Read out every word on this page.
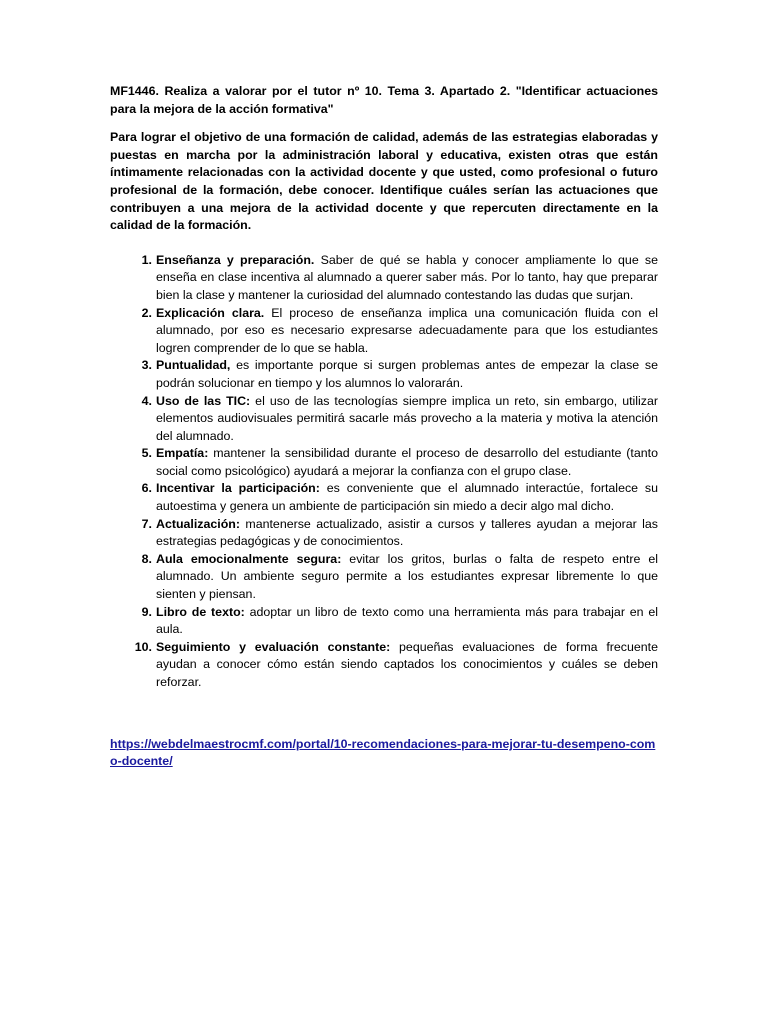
MF1446. Realiza a valorar por el tutor nº 10. Tema 3. Apartado 2. "Identificar actuaciones para la mejora de la acción formativa"

Para lograr el objetivo de una formación de calidad, además de las estrategias elaboradas y puestas en marcha por la administración laboral y educativa, existen otras que están íntimamente relacionadas con la actividad docente y que usted, como profesional o futuro profesional de la formación, debe conocer. Identifique cuáles serían las actuaciones que contribuyen a una mejora de la actividad docente y que repercuten directamente en la calidad de la formación.

1. Enseñanza y preparación. Saber de qué se habla y conocer ampliamente lo que se enseña en clase incentiva al alumnado a querer saber más. Por lo tanto, hay que preparar bien la clase y mantener la curiosidad del alumnado contestando las dudas que surjan.
2. Explicación clara. El proceso de enseñanza implica una comunicación fluida con el alumnado, por eso es necesario expresarse adecuadamente para que los estudiantes logren comprender de lo que se habla.
3. Puntualidad, es importante porque si surgen problemas antes de empezar la clase se podrán solucionar en tiempo y los alumnos lo valorarán.
4. Uso de las TIC: el uso de las tecnologías siempre implica un reto, sin embargo, utilizar elementos audiovisuales permitirá sacarle más provecho a la materia y motiva la atención del alumnado.
5. Empatía: mantener la sensibilidad durante el proceso de desarrollo del estudiante (tanto social como psicológico) ayudará a mejorar la confianza con el grupo clase.
6. Incentivar la participación: es conveniente que el alumnado interactúe, fortalece su autoestima y genera un ambiente de participación sin miedo a decir algo mal dicho.
7. Actualización: mantenerse actualizado, asistir a cursos y talleres ayudan a mejorar las estrategias pedagógicas y de conocimientos.
8. Aula emocionalmente segura: evitar los gritos, burlas o falta de respeto entre el alumnado. Un ambiente seguro permite a los estudiantes expresar libremente lo que sienten y piensan.
9. Libro de texto: adoptar un libro de texto como una herramienta más para trabajar en el aula.
10. Seguimiento y evaluación constante: pequeñas evaluaciones de forma frecuente ayudan a conocer cómo están siendo captados los conocimientos y cuáles se deben reforzar.
https://webdelmaestrocmf.com/portal/10-recomendaciones-para-mejorar-tu-desempeno-como-docente/
